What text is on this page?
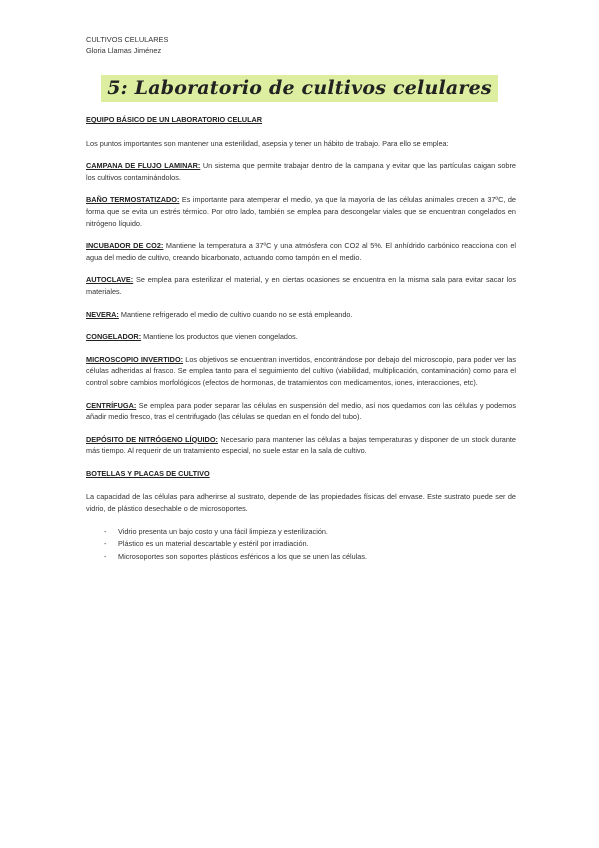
CULTIVOS CELULARES
Gloria Llamas Jiménez
5: Laboratorio de cultivos celulares
EQUIPO BÁSICO DE UN LABORATORIO CELULAR

Los puntos importantes son mantener una esterilidad, asepsia y tener un hábito de trabajo. Para ello se emplea:

CAMPANA DE FLUJO LAMINAR: Un sistema que permite trabajar dentro de la campana y evitar que las partículas caigan sobre los cultivos contaminándolos.

BAÑO TERMOSTATIZADO: Es importante para atemperar el medio, ya que la mayoría de las células animales crecen a 37ºC, de forma que se evita un estrés térmico. Por otro lado, también se emplea para descongelar viales que se encuentran congelados en nitrógeno líquido.

INCUBADOR DE CO2: Mantiene la temperatura a 37ºC y una atmósfera con CO2 al 5%. El anhídrido carbónico reacciona con el agua del medio de cultivo, creando bicarbonato, actuando como tampón en el medio.

AUTOCLAVE: Se emplea para esterilizar el material, y en ciertas ocasiones se encuentra en la misma sala para evitar sacar los materiales.

NEVERA: Mantiene refrigerado el medio de cultivo cuando no se está empleando.

CONGELADOR: Mantiene los productos que vienen congelados.

MICROSCOPIO INVERTIDO: Los objetivos se encuentran invertidos, encontrándose por debajo del microscopio, para poder ver las células adheridas al frasco. Se emplea tanto para el seguimiento del cultivo (viabilidad, multiplicación, contaminación) como para el control sobre cambios morfológicos (efectos de hormonas, de tratamientos con medicamentos, iones, interacciones, etc).

CENTRÍFUGA: Se emplea para poder separar las células en suspensión del medio, así nos quedamos con las células y podemos añadir medio fresco, tras el centrifugado (las células se quedan en el fondo del tubo).

DEPÓSITO DE NITRÓGENO LÍQUIDO: Necesario para mantener las células a bajas temperaturas y disponer de un stock durante más tiempo. Al requerir de un tratamiento especial, no suele estar en la sala de cultivo.

BOTELLAS Y PLACAS DE CULTIVO

La capacidad de las células para adherirse al sustrato, depende de las propiedades físicas del envase. Este sustrato puede ser de vidrio, de plástico desechable o de microsoportes.

- Vidrio presenta un bajo costo y una fácil limpieza y esterilización.
- Plástico es un material descartable y estéril por irradiación.
- Microsoportes son soportes plásticos esféricos a los que se unen las células.
